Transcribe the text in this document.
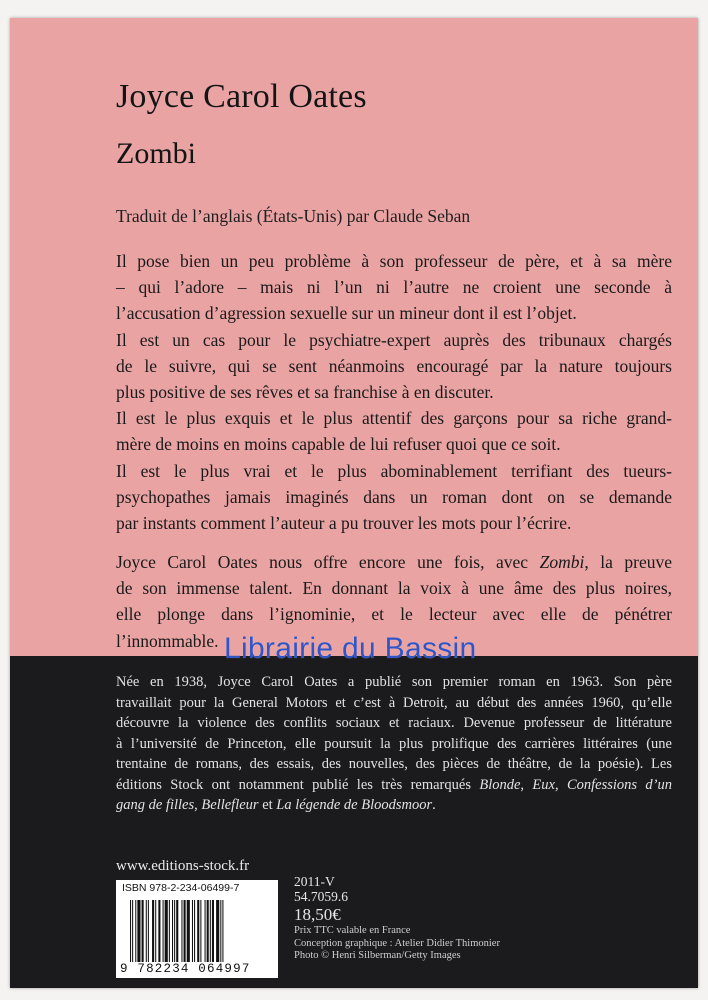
Joyce Carol Oates
Zombi
Traduit de l’anglais (États-Unis) par Claude Seban
Il pose bien un peu problème à son professeur de père, et à sa mère
– qui l’adore – mais ni l’un ni l’autre ne croient une seconde à
l’accusation d’agression sexuelle sur un mineur dont il est l’objet.
Il est un cas pour le psychiatre-expert auprès des tribunaux chargés
de le suivre, qui se sent néanmoins encouragé par la nature toujours
plus positive de ses rêves et sa franchise à en discuter.
Il est le plus exquis et le plus attentif des garçons pour sa riche grand-
mère de moins en moins capable de lui refuser quoi que ce soit.
Il est le plus vrai et le plus abominablement terrifiant des tueurs-
psychopathes jamais imaginés dans un roman dont on se demande
par instants comment l’auteur a pu trouver les mots pour l’écrire.
Joyce Carol Oates nous offre encore une fois, avec Zombi, la preuve
de son immense talent. En donnant la voix à une âme des plus noires,
elle plonge dans l’ignominie, et le lecteur avec elle de pénétrer
l’innommable. Librairie du Bassin
Née en 1938, Joyce Carol Oates a publié son premier roman en 1963. Son père
travaillait pour la General Motors et c’est à Detroit, au début des années 1960, qu’elle
découvre la violence des conflits sociaux et raciaux. Devenue professeur de littérature
à l’université de Princeton, elle poursuit la plus prolifique des carrières littéraires (une
trentaine de romans, des essais, des nouvelles, des pièces de théâtre, de la poésie). Les
éditions Stock ont notamment publié les très remarqués Blonde, Eux, Confessions d’un
gang de filles, Bellefleur et La légende de Bloodsmoor.
www.editions-stock.fr
ISBN 978-2-234-06499-7
9 782234 064997
2011-V
54.7059.6
18,50€
Prix TTC valable en France
Conception graphique : Atelier Didier Thimonier
Photo © Henri Silberman/Getty Images
